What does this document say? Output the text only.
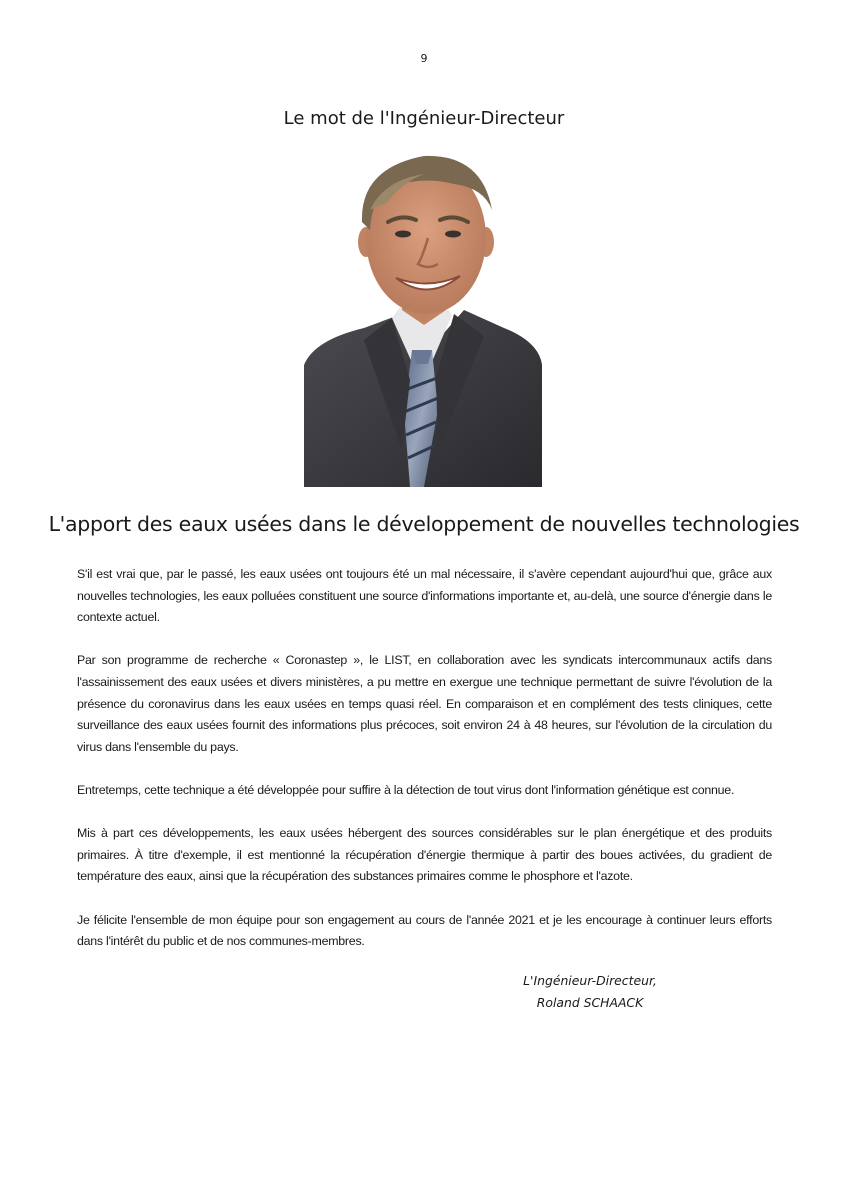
9
Le mot de l'Ingénieur-Directeur
L'apport des eaux usées dans le développement de nouvelles technologies

S'il est vrai que, par le passé, les eaux usées ont toujours été un mal nécessaire, il s'avère cependant aujourd'hui que, grâce aux nouvelles technologies, les eaux polluées constituent une source d'informations importante et, au-delà, une source d'énergie dans le contexte actuel.

Par son programme de recherche « Coronastep », le LIST, en collaboration avec les syndicats intercommunaux actifs dans l'assainissement des eaux usées et divers ministères, a pu mettre en exergue une technique permettant de suivre l'évolution de la présence du coronavirus dans les eaux usées en temps quasi réel. En comparaison et en complément des tests cliniques, cette surveillance des eaux usées fournit des informations plus précoces, soit environ 24 à 48 heures, sur l'évolution de la circulation du virus dans l'ensemble du pays.

Entretemps, cette technique a été développée pour suffire à la détection de tout virus dont l'information génétique est connue.

Mis à part ces développements, les eaux usées hébergent des sources considérables sur le plan énergétique et des produits primaires. À titre d'exemple, il est mentionné la récupération d'énergie thermique à partir des boues activées, du gradient de température des eaux, ainsi que la récupération des substances primaires comme le phosphore et l'azote.

Je félicite l'ensemble de mon équipe pour son engagement au cours de l'année 2021 et je les encourage à continuer leurs efforts dans l'intérêt du public et de nos communes-membres.

L'Ingénieur-Directeur,
Roland SCHAACK
